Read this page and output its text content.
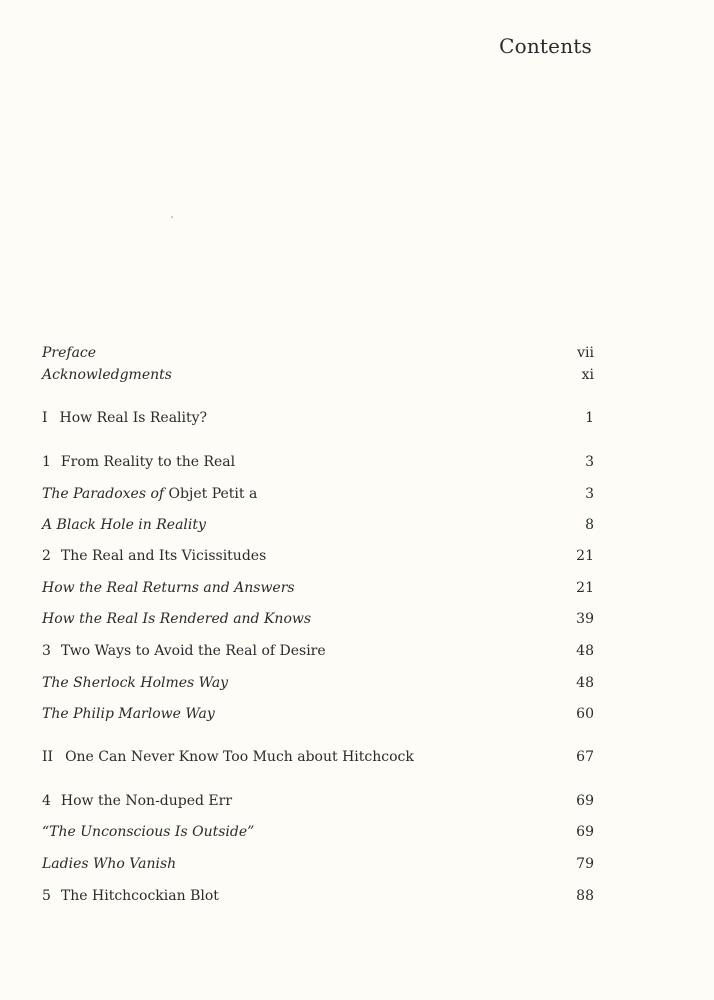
Contents
Preface	vii
Acknowledgments	xi
I How Real Is Reality?	1
1 From Reality to the Real	3
The Paradoxes of Objet Petit a	3
A Black Hole in Reality	8
2 The Real and Its Vicissitudes	21
How the Real Returns and Answers	21
How the Real Is Rendered and Knows	39
3 Two Ways to Avoid the Real of Desire	48
The Sherlock Holmes Way	48
The Philip Marlowe Way	60
II One Can Never Know Too Much about Hitchcock	67
4 How the Non-duped Err	69
“The Unconscious Is Outside”	69
Ladies Who Vanish	79
5 The Hitchcockian Blot	88
